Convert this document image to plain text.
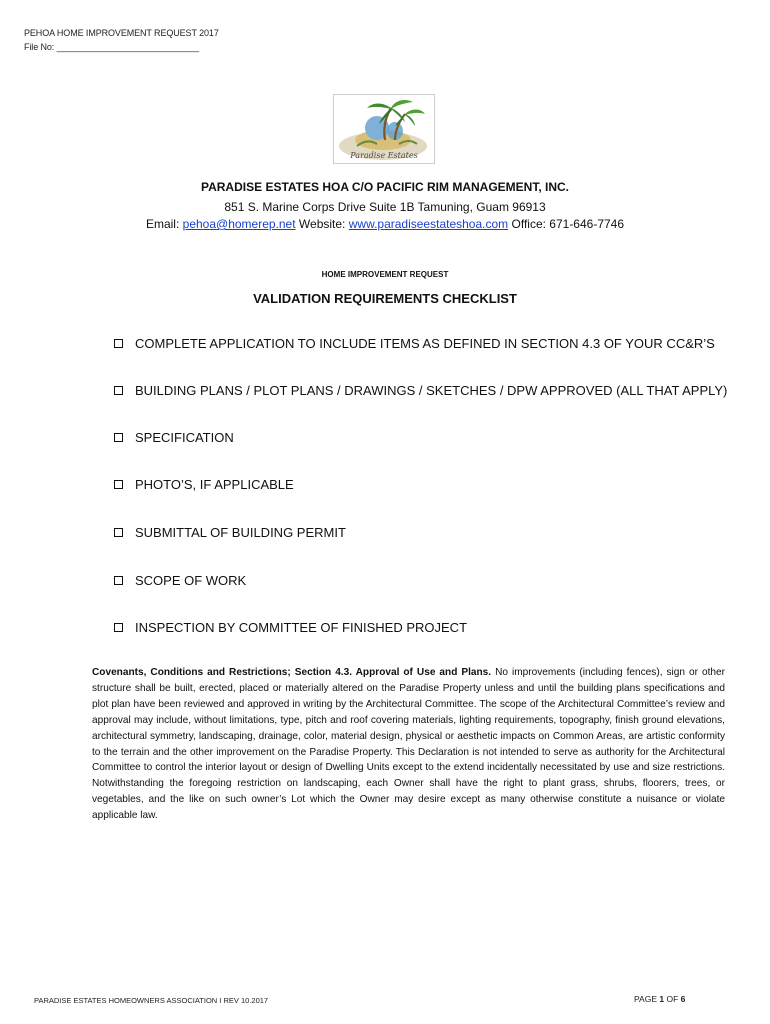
PEHOA HOME IMPROVEMENT REQUEST 2017
File No: _____________________________
Paradise Estates
PARADISE ESTATES HOA C/O PACIFIC RIM MANAGEMENT, INC.
851 S. Marine Corps Drive Suite 1B Tamuning, Guam 96913
Email: pehoa@homerep.net Website: www.paradiseestateshoa.com Office: 671-646-7746
HOME IMPROVEMENT REQUEST
VALIDATION REQUIREMENTS CHECKLIST
COMPLETE APPLICATION TO INCLUDE ITEMS AS DEFINED IN SECTION 4.3 OF YOUR CC&R’S
BUILDING PLANS / PLOT PLANS / DRAWINGS / SKETCHES / DPW APPROVED (ALL THAT APPLY)
SPECIFICATION
PHOTO’S, IF APPLICABLE
SUBMITTAL OF BUILDING PERMIT
SCOPE OF WORK
INSPECTION BY COMMITTEE OF FINISHED PROJECT
Covenants, Conditions and Restrictions; Section 4.3. Approval of Use and Plans. No improvements (including fences), sign or other structure shall be built, erected, placed or materially altered on the Paradise Property unless and until the building plans specifications and plot plan have been reviewed and approved in writing by the Architectural Committee. The scope of the Architectural Committee’s review and approval may include, without limitations, type, pitch and roof covering materials, lighting requirements, topography, finish ground elevations, architectural symmetry, landscaping, drainage, color, material design, physical or aesthetic impacts on Common Areas, are artistic conformity to the terrain and the other improvement on the Paradise Property. This Declaration is not intended to serve as authority for the Architectural Committee to control the interior layout or design of Dwelling Units except to the extend incidentally necessitated by use and size restrictions. Notwithstanding the foregoing restriction on landscaping, each Owner shall have the right to plant grass, shrubs, floorers, trees, or vegetables, and the like on such owner’s Lot which the Owner may desire except as many otherwise constitute a nuisance or violate applicable law.
PARADISE ESTATES HOMEOWNERS ASSOCIATION I REV 10.2017	PAGE 1 OF 6
